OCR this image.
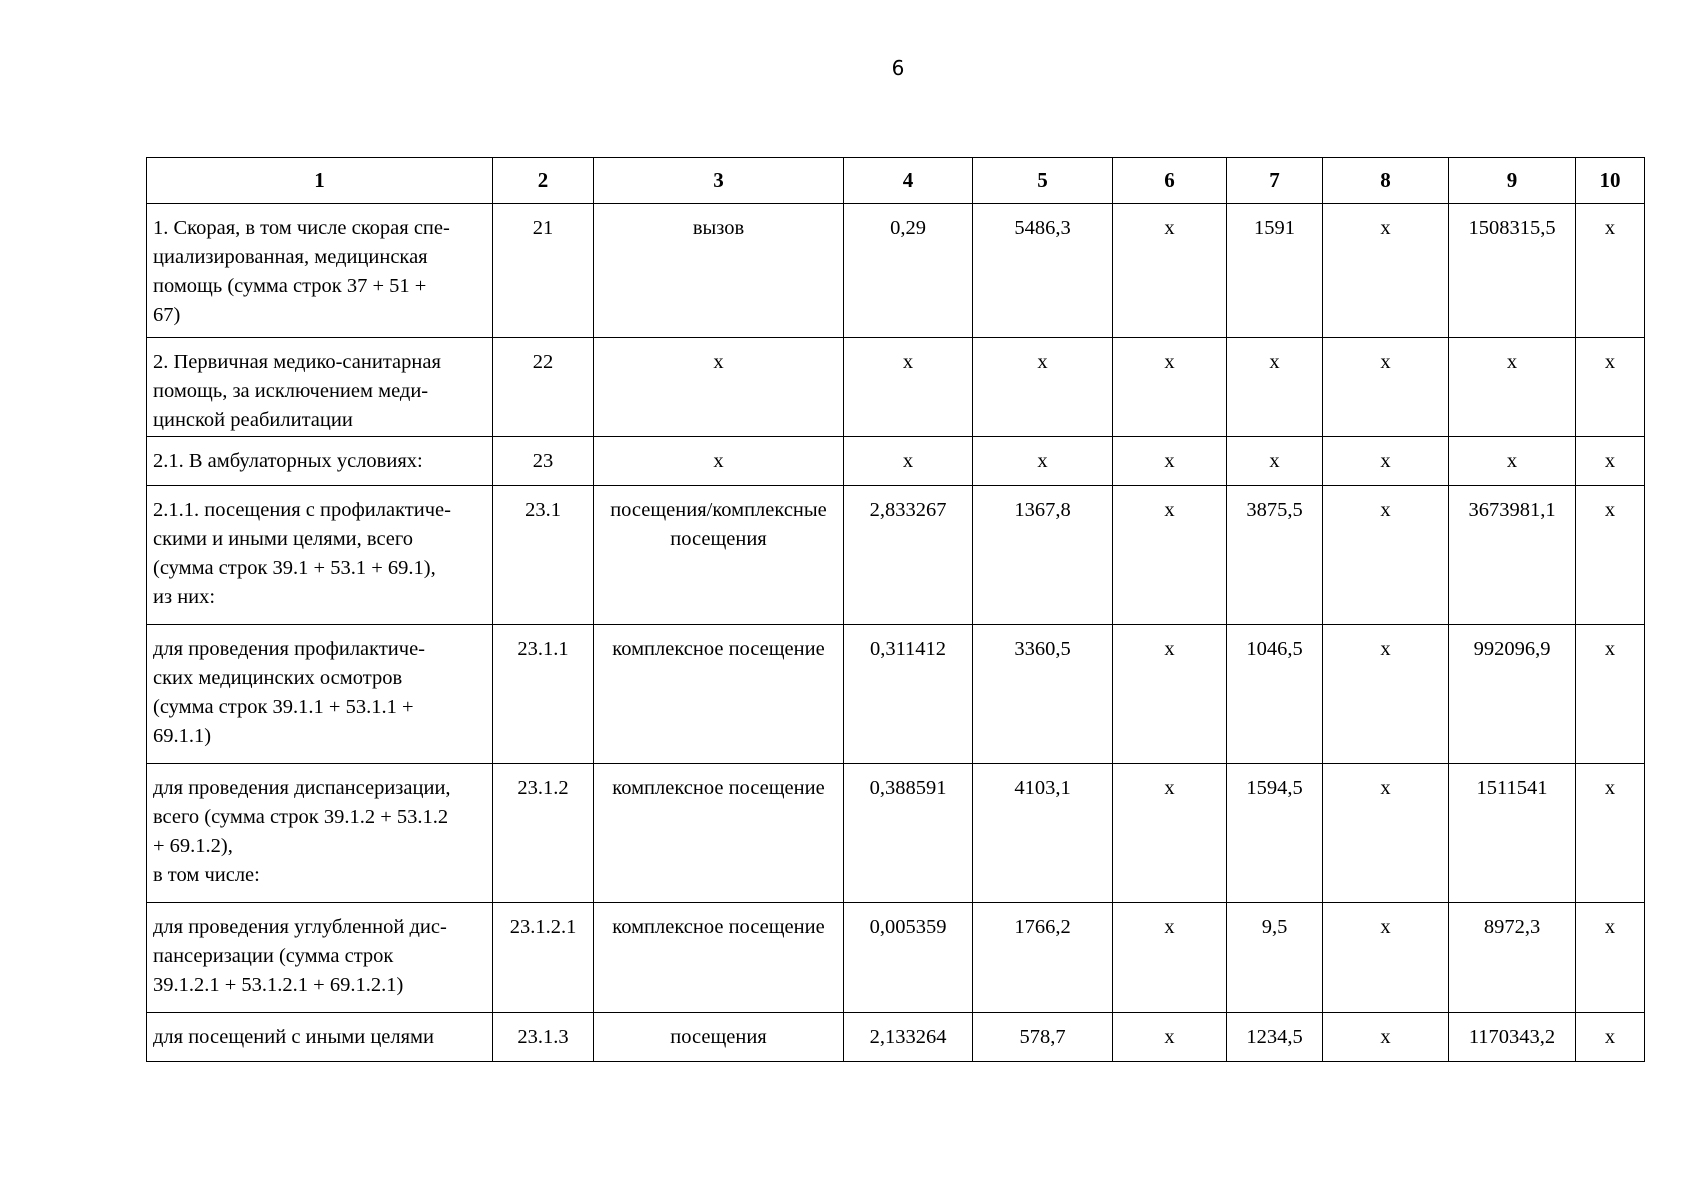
6
1	2	3	4	5	6	7	8	9	10

1. Скорая, в том числе скорая спе-
циализированная, медицинская
помощь (сумма строк 37 + 51 +
67)	21	вызов	0,29	5486,3	х	1591	х	1508315,5	х

2. Первичная медико-санитарная
помощь, за исключением меди-
цинской реабилитации	22	х	х	х	х	х	х	х	х

2.1. В амбулаторных условиях:	23	х	х	х	х	х	х	х	х

2.1.1. посещения с профилактиче-
скими и иными целями, всего
(сумма строк 39.1 + 53.1 + 69.1),
из них:	23.1	посещения/комплексные посещения	2,833267	1367,8	х	3875,5	х	3673981,1	х

для проведения профилактиче-
ских медицинских осмотров
(сумма строк 39.1.1 + 53.1.1 +
69.1.1)	23.1.1	комплексное посещение	0,311412	3360,5	х	1046,5	х	992096,9	х

для проведения диспансеризации,
всего (сумма строк 39.1.2 + 53.1.2
+ 69.1.2),
в том числе:	23.1.2	комплексное посещение	0,388591	4103,1	х	1594,5	х	1511541	х

для проведения углубленной дис-
пансеризации (сумма строк
39.1.2.1 + 53.1.2.1 + 69.1.2.1)	23.1.2.1	комплексное посещение	0,005359	1766,2	х	9,5	х	8972,3	х

для посещений с иными целями	23.1.3	посещения	2,133264	578,7	х	1234,5	х	1170343,2	х
